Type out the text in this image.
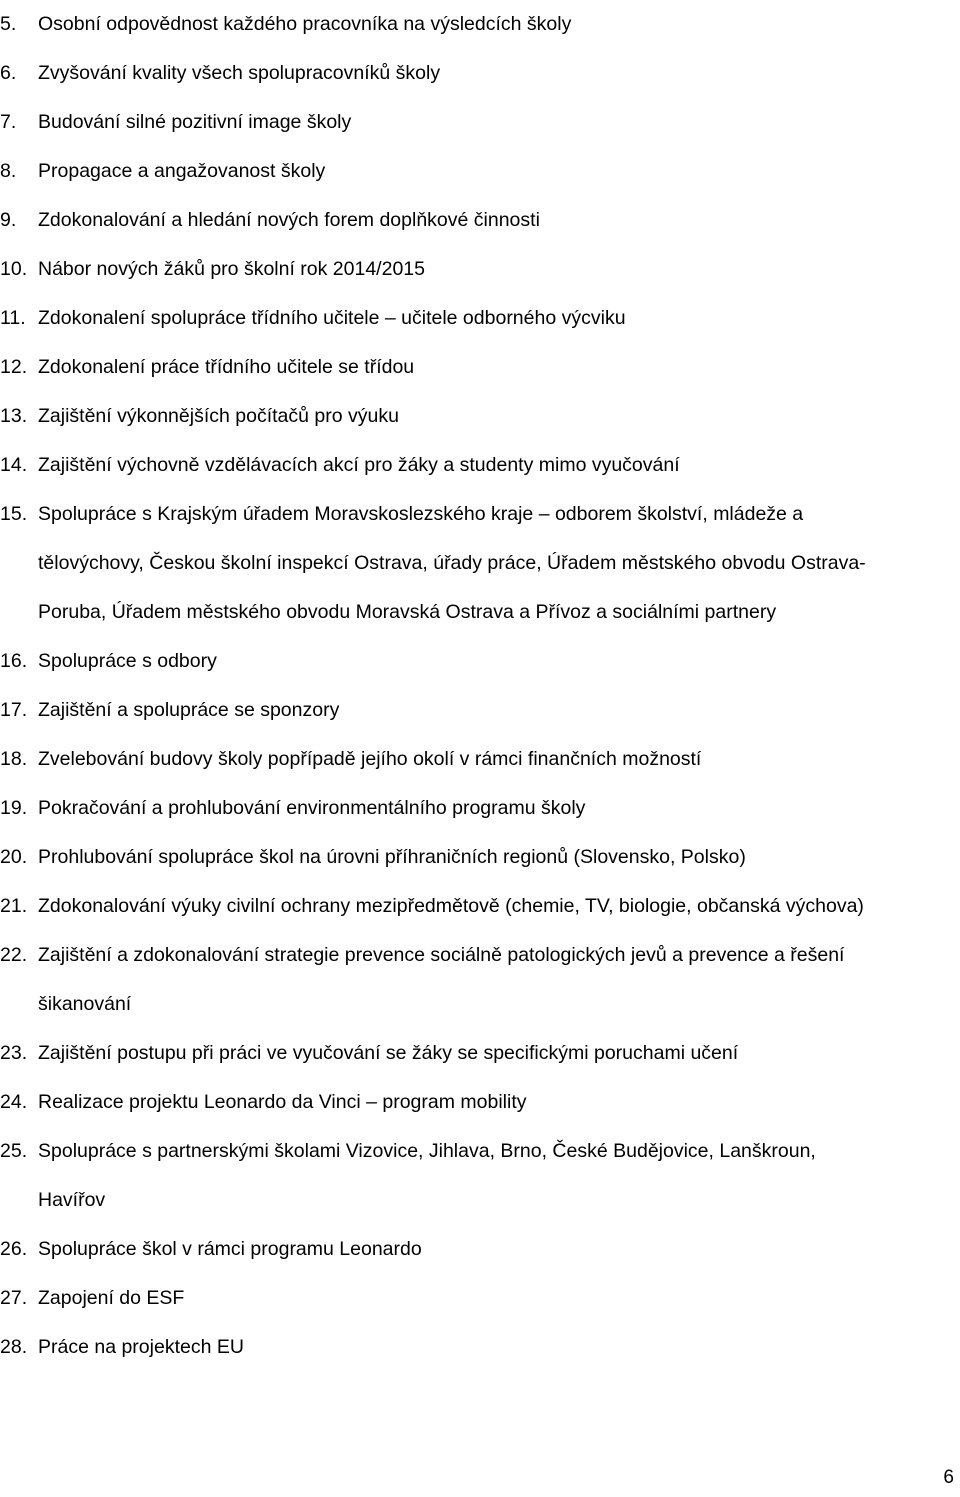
5. Osobní odpovědnost každého pracovníka na výsledcích školy
6. Zvyšování kvality všech spolupracovníků školy
7. Budování silné pozitivní image školy
8. Propagace a angažovanost školy
9. Zdokonalování a hledání nových forem doplňkové činnosti
10. Nábor nových žáků pro školní rok 2014/2015
11. Zdokonalení spolupráce třídního učitele – učitele odborného výcviku
12. Zdokonalení práce třídního učitele se třídou
13. Zajištění výkonnějších počítačů pro výuku
14. Zajištění výchovně vzdělávacích akcí pro žáky a studenty mimo vyučování
15. Spolupráce s Krajským úřadem Moravskoslezského kraje – odborem školství, mládeže a
tělovýchovy, Českou školní inspekcí Ostrava, úřady práce, Úřadem městského obvodu Ostrava-
Poruba, Úřadem městského obvodu Moravská Ostrava a Přívoz a sociálními partnery
16. Spolupráce s odbory
17. Zajištění a spolupráce se sponzory
18. Zvelebování budovy školy popřípadě jejího okolí v rámci finančních možností
19. Pokračování a prohlubování environmentálního programu školy
20. Prohlubování spolupráce škol na úrovni příhraničních regionů (Slovensko, Polsko)
21. Zdokonalování výuky civilní ochrany mezipředmětově (chemie, TV, biologie, občanská výchova)
22. Zajištění a zdokonalování strategie prevence sociálně patologických jevů a prevence a řešení
šikanování
23. Zajištění postupu při práci ve vyučování se žáky se specifickými poruchami učení
24. Realizace projektu Leonardo da Vinci – program mobility
25. Spolupráce s partnerskými školami Vizovice, Jihlava, Brno, České Budějovice, Lanškroun,
Havířov
26. Spolupráce škol v rámci programu Leonardo
27. Zapojení do ESF
28. Práce na projektech EU
6
